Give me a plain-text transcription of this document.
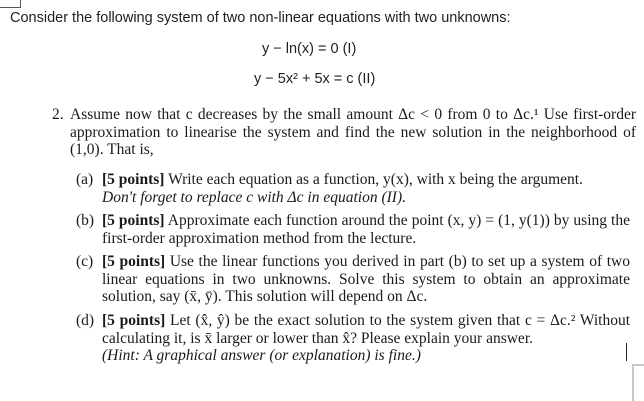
Consider the following system of two non-linear equations with two unknowns:
y − ln(x) = 0 (I)
y − 5x² + 5x = c (II)
2. Assume now that c decreases by the small amount Δc < 0 from 0 to Δc.¹ Use first-order approximation to linearise the system and find the new solution in the neighborhood of (1,0). That is,
(a) [5 points] Write each equation as a function, y(x), with x being the argument.
Don't forget to replace c with Δc in equation (II).
(b) [5 points] Approximate each function around the point (x, y) = (1, y(1)) by using the first-order approximation method from the lecture.
(c) [5 points] Use the linear functions you derived in part (b) to set up a system of two linear equations in two unknowns. Solve this system to obtain an approximate solution, say (x̄, ȳ). This solution will depend on Δc.
(d) [5 points] Let (x̂, ŷ) be the exact solution to the system given that c = Δc.² Without calculating it, is x̄ larger or lower than x̂? Please explain your answer.
(Hint: A graphical answer (or explanation) is fine.)
